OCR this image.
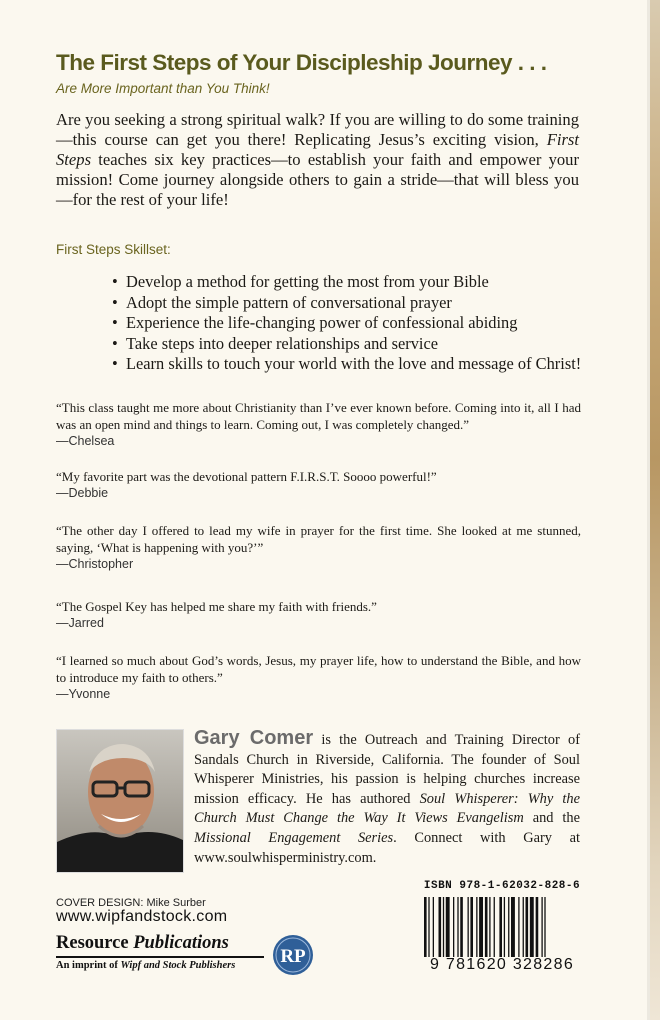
The First Steps of Your Discipleship Journey . . .
Are More Important than You Think!

Are you seeking a strong spiritual walk? If you are willing to do some training—this course can get you there! Replicating Jesus’s exciting vision, First Steps teaches six key practices—to establish your faith and empower your mission! Come journey alongside others to gain a stride—that will bless you—for the rest of your life!

First Steps Skillset:
• Develop a method for getting the most from your Bible
• Adopt the simple pattern of conversational prayer
• Experience the life-changing power of confessional abiding
• Take steps into deeper relationships and service
• Learn skills to touch your world with the love and message of Christ!
“This class taught me more about Christianity than I’ve ever known before. Coming into it, all I had was an open mind and things to learn. Coming out, I was completely changed.”
—Chelsea
“My favorite part was the devotional pattern F.I.R.S.T. Soooo powerful!”
—Debbie
“The other day I offered to lead my wife in prayer for the first time. She looked at me stunned, saying, ‘What is happening with you?’”
—Christopher
“The Gospel Key has helped me share my faith with friends.”
—Jarred
“I learned so much about God’s words, Jesus, my prayer life, how to understand the Bible, and how to introduce my faith to others.”
—Yvonne

Gary Comer is the Outreach and Training Director of Sandals Church in Riverside, California. The founder of Soul Whisperer Ministries, his passion is helping churches increase mission efficacy. He has authored Soul Whisperer: Why the Church Must Change the Way It Views Evangelism and the Missional Engagement Series. Connect with Gary at www.soulwhisperministry.com.

COVER DESIGN: Mike Surber
www.wipfandstock.com
Resource Publications
An imprint of Wipf and Stock Publishers RP
ISBN 978-1-62032-828-6
9 781620 328286
